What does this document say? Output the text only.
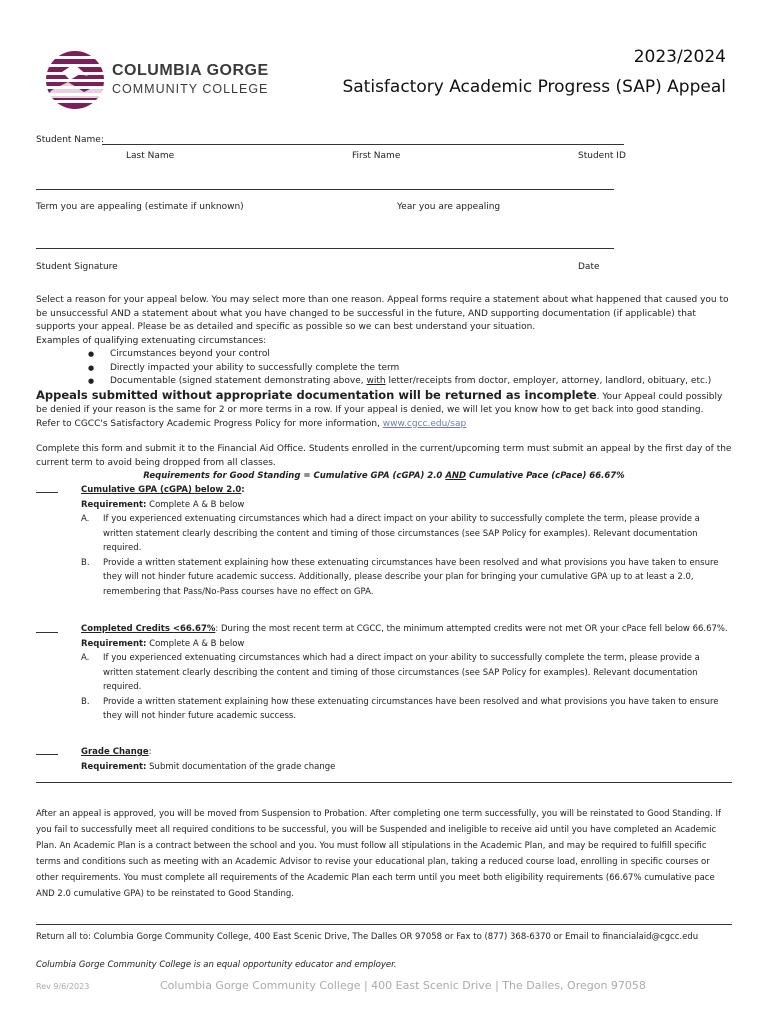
COLUMBIA GORGE
COMMUNITY COLLEGE
2023/2024
Satisfactory Academic Progress (SAP) Appeal
Student Name:
Last Name	First Name	Student ID
Term you are appealing (estimate if unknown)	Year you are appealing
Student Signature	Date
Select a reason for your appeal below. You may select more than one reason. Appeal forms require a statement about what happened that caused you to be unsuccessful AND a statement about what you have changed to be successful in the future, AND supporting documentation (if applicable) that supports your appeal. Please be as detailed and specific as possible so we can best understand your situation.
Examples of qualifying extenuating circumstances:
● Circumstances beyond your control
● Directly impacted your ability to successfully complete the term
● Documentable (signed statement demonstrating above, with letter/receipts from doctor, employer, attorney, landlord, obituary, etc.)
Appeals submitted without appropriate documentation will be returned as incomplete. Your Appeal could possibly be denied if your reason is the same for 2 or more terms in a row. If your appeal is denied, we will let you know how to get back into good standing.
Refer to CGCC's Satisfactory Academic Progress Policy for more information, www.cgcc.edu/sap
Complete this form and submit it to the Financial Aid Office. Students enrolled in the current/upcoming term must submit an appeal by the first day of the current term to avoid being dropped from all classes.
Requirements for Good Standing = Cumulative GPA (cGPA) 2.0 AND Cumulative Pace (cPace) 66.67%
Cumulative GPA (cGPA) below 2.0:
Requirement: Complete A & B below
A. If you experienced extenuating circumstances which had a direct impact on your ability to successfully complete the term, please provide a written statement clearly describing the content and timing of those circumstances (see SAP Policy for examples). Relevant documentation required.
B. Provide a written statement explaining how these extenuating circumstances have been resolved and what provisions you have taken to ensure they will not hinder future academic success. Additionally, please describe your plan for bringing your cumulative GPA up to at least a 2.0, remembering that Pass/No-Pass courses have no effect on GPA.
Completed Credits <66.67%: During the most recent term at CGCC, the minimum attempted credits were not met OR your cPace fell below 66.67%.
Requirement: Complete A & B below
A. If you experienced extenuating circumstances which had a direct impact on your ability to successfully complete the term, please provide a written statement clearly describing the content and timing of those circumstances (see SAP Policy for examples). Relevant documentation required.
B. Provide a written statement explaining how these extenuating circumstances have been resolved and what provisions you have taken to ensure they will not hinder future academic success.
Grade Change:
Requirement: Submit documentation of the grade change
After an appeal is approved, you will be moved from Suspension to Probation. After completing one term successfully, you will be reinstated to Good Standing. If you fail to successfully meet all required conditions to be successful, you will be Suspended and ineligible to receive aid until you have completed an Academic Plan. An Academic Plan is a contract between the school and you. You must follow all stipulations in the Academic Plan, and may be required to fulfill specific terms and conditions such as meeting with an Academic Advisor to revise your educational plan, taking a reduced course load, enrolling in specific courses or other requirements. You must complete all requirements of the Academic Plan each term until you meet both eligibility requirements (66.67% cumulative pace AND 2.0 cumulative GPA) to be reinstated to Good Standing.
Return all to: Columbia Gorge Community College, 400 East Scenic Drive, The Dalles OR 97058 or Fax to (877) 368-6370 or Email to financialaid@cgcc.edu
Columbia Gorge Community College is an equal opportunity educator and employer.
Rev 9/6/2023	Columbia Gorge Community College | 400 East Scenic Drive | The Dalles, Oregon 97058
